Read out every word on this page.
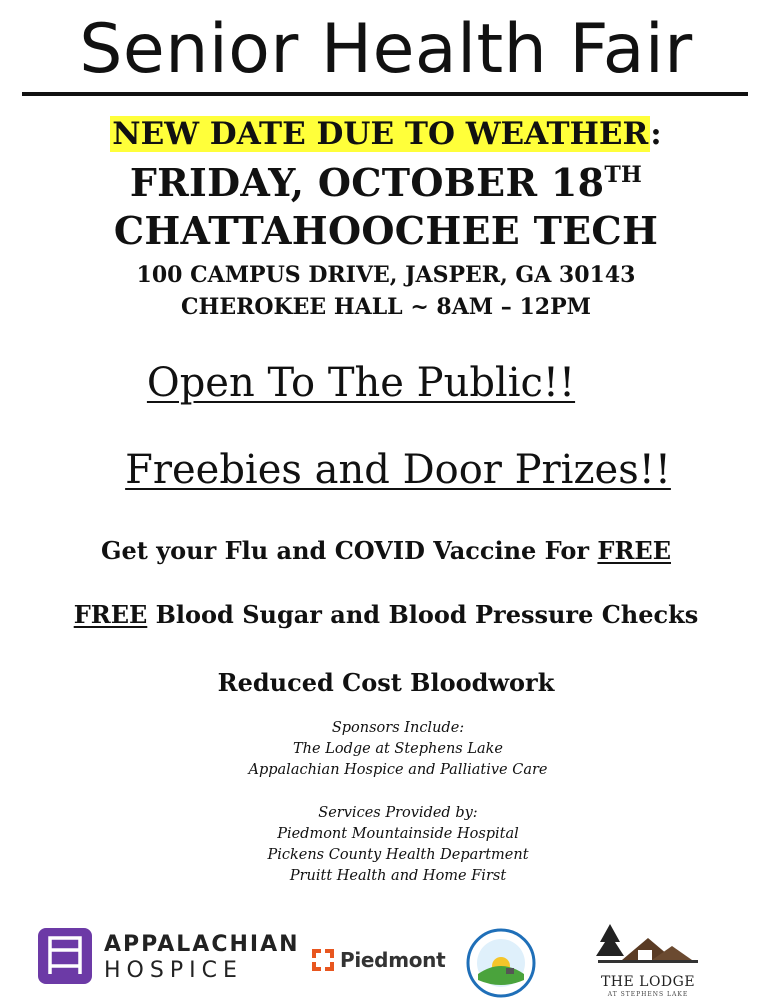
Senior Health Fair
NEW DATE DUE TO WEATHER:
FRIDAY, OCTOBER 18TH
CHATTAHOOCHEE TECH
100 CAMPUS DRIVE, JASPER, GA 30143
CHEROKEE HALL ~ 8AM – 12PM
Open To The Public!!
Freebies and Door Prizes!!
Get your Flu and COVID Vaccine For FREE
FREE Blood Sugar and Blood Pressure Checks
Reduced Cost Bloodwork
Sponsors Include:
The Lodge at Stephens Lake
Appalachian Hospice and Palliative Care
Services Provided by:
Piedmont Mountainside Hospital
Pickens County Health Department
Pruitt Health and Home First
APPALACHIAN
HOSPICE	Piedmont
THE LODGE
AT STEPHENS LAKE
